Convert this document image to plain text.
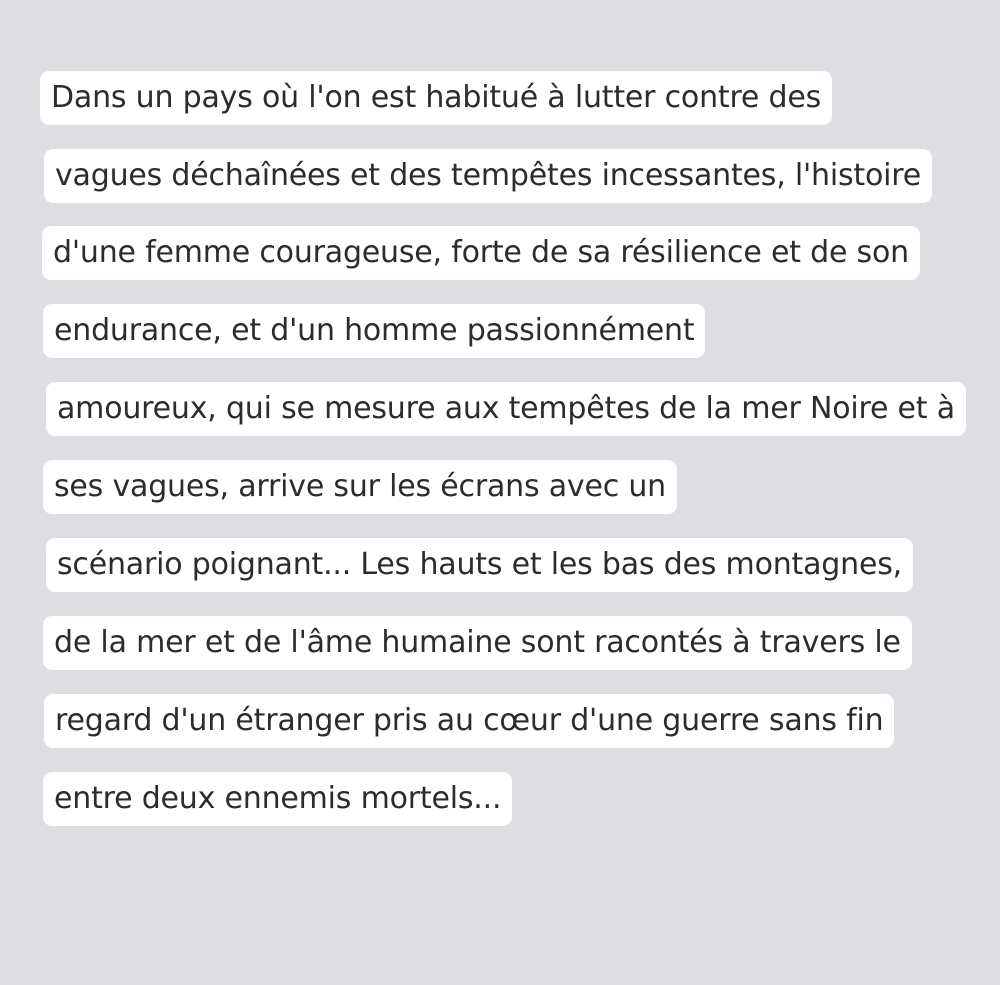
Dans un pays où l'on est habitué à lutter contre des
vagues déchaînées et des tempêtes incessantes, l'histoire
d'une femme courageuse, forte de sa résilience et de son
endurance, et d'un homme passionnément
amoureux, qui se mesure aux tempêtes de la mer Noire et à
ses vagues, arrive sur les écrans avec un
scénario poignant... Les hauts et les bas des montagnes,
de la mer et de l'âme humaine sont racontés à travers le
regard d'un étranger pris au cœur d'une guerre sans fin
entre deux ennemis mortels...
